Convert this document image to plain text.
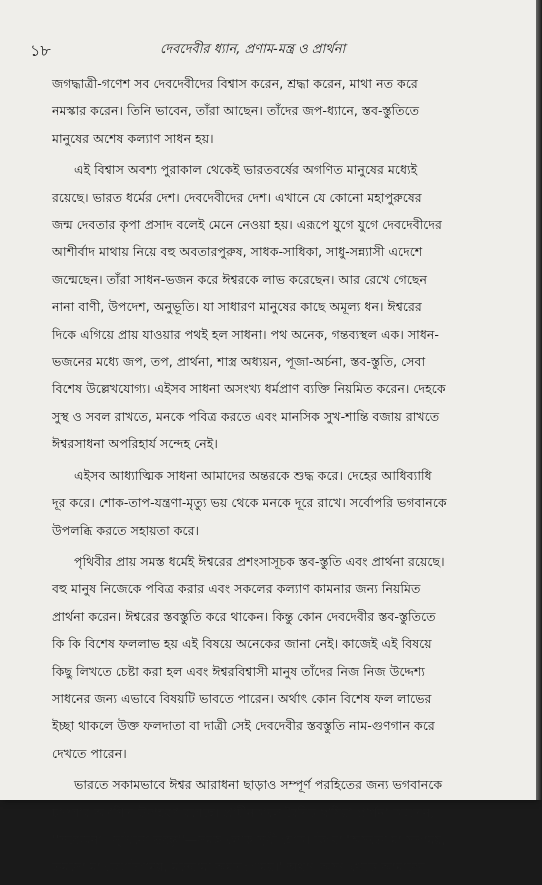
১৮	দেবদেবীর ধ্যান, প্রণাম-মন্ত্র ও প্রার্থনা
জগদ্ধাত্রী-গণেশ সব দেবদেবীদের বিশ্বাস করেন, শ্রদ্ধা করেন, মাথা নত করে
নমস্কার করেন। তিনি ভাবেন, তাঁরা আছেন। তাঁদের জপ-ধ্যানে, স্তব-স্তুতিতে
মানুষের অশেষ কল্যাণ সাধন হয়।
এই বিশ্বাস অবশ্য পুরাকাল থেকেই ভারতবর্ষের অগণিত মানুষের মধ্যেই
রয়েছে। ভারত ধর্মের দেশ। দেবদেবীদের দেশ। এখানে যে কোনো মহাপুরুষের
জন্ম দেবতার কৃপা প্রসাদ বলেই মেনে নেওয়া হয়। এরূপে যুগে যুগে দেবদেবীদের
আশীর্বাদ মাথায় নিয়ে বহু অবতারপুরুষ, সাধক-সাধিকা, সাধু-সন্ন্যাসী এদেশে
জন্মেছেন। তাঁরা সাধন-ভজন করে ঈশ্বরকে লাভ করেছেন। আর রেখে গেছেন
নানা বাণী, উপদেশ, অনুভূতি। যা সাধারণ মানুষের কাছে অমূল্য ধন। ঈশ্বরের
দিকে এগিয়ে প্রায় যাওয়ার পথই হল সাধনা। পথ অনেক, গন্তব্যস্থল এক। সাধন-
ভজনের মধ্যে জপ, তপ, প্রার্থনা, শাস্ত্র অধ্যয়ন, পূজা-অর্চনা, স্তব-স্তুতি, সেবা
বিশেষ উল্লেখযোগ্য। এইসব সাধনা অসংখ্য ধর্মপ্রাণ ব্যক্তি নিয়মিত করেন। দেহকে
সুস্থ ও সবল রাখতে, মনকে পবিত্র করতে এবং মানসিক সুখ-শান্তি বজায় রাখতে
ঈশ্বরসাধনা অপরিহার্য সন্দেহ নেই।
এইসব আধ্যাত্মিক সাধনা আমাদের অন্তরকে শুদ্ধ করে। দেহের আধিব্যাধি
দূর করে। শোক-তাপ-যন্ত্রণা-মৃত্যু ভয় থেকে মনকে দূরে রাখে। সর্বোপরি ভগবানকে
উপলব্ধি করতে সহায়তা করে।
পৃথিবীর প্রায় সমস্ত ধর্মেই ঈশ্বরের প্রশংসাসূচক স্তব-স্তুতি এবং প্রার্থনা রয়েছে।
বহু মানুষ নিজেকে পবিত্র করার এবং সকলের কল্যাণ কামনার জন্য নিয়মিত
প্রার্থনা করেন। ঈশ্বরের স্তবস্তুতি করে থাকেন। কিন্তু কোন দেবদেবীর স্তব-স্তুতিতে
কি কি বিশেষ ফললাভ হয় এই বিষয়ে অনেকের জানা নেই। কাজেই এই বিষয়ে
কিছু লিখতে চেষ্টা করা হল এবং ঈশ্বরবিশ্বাসী মানুষ তাঁদের নিজ নিজ উদ্দেশ্য
সাধনের জন্য এভাবে বিষয়টি ভাবতে পারেন। অর্থাৎ কোন বিশেষ ফল লাভের
ইচ্ছা থাকলে উক্ত ফলদাতা বা দাত্রী সেই দেবদেবীর স্তবস্তুতি নাম-গুণগান করে
দেখতে পারেন।
ভারতে সকামভাবে ঈশ্বর আরাধনা ছাড়াও সম্পূর্ণ পরহিতের জন্য ভগবানকে
চাওয়ার অগণিত উদাহরণ রয়েছে। প্রাচীনকালে বৈদিক ঋষিরা প্রার্থনা করতেন,
''সর্বেজনাঃ সুখিনো ভবন্তু''—সমস্ত লোক সুখী হোক। কিংবা 'অসতো মা সদ্গময়,
তমসো মা জ্যোতির্গময়, মৃত্যোর্মা অমৃতং গময়।' অর্থাৎ অসৎ থেকে আমাদের
